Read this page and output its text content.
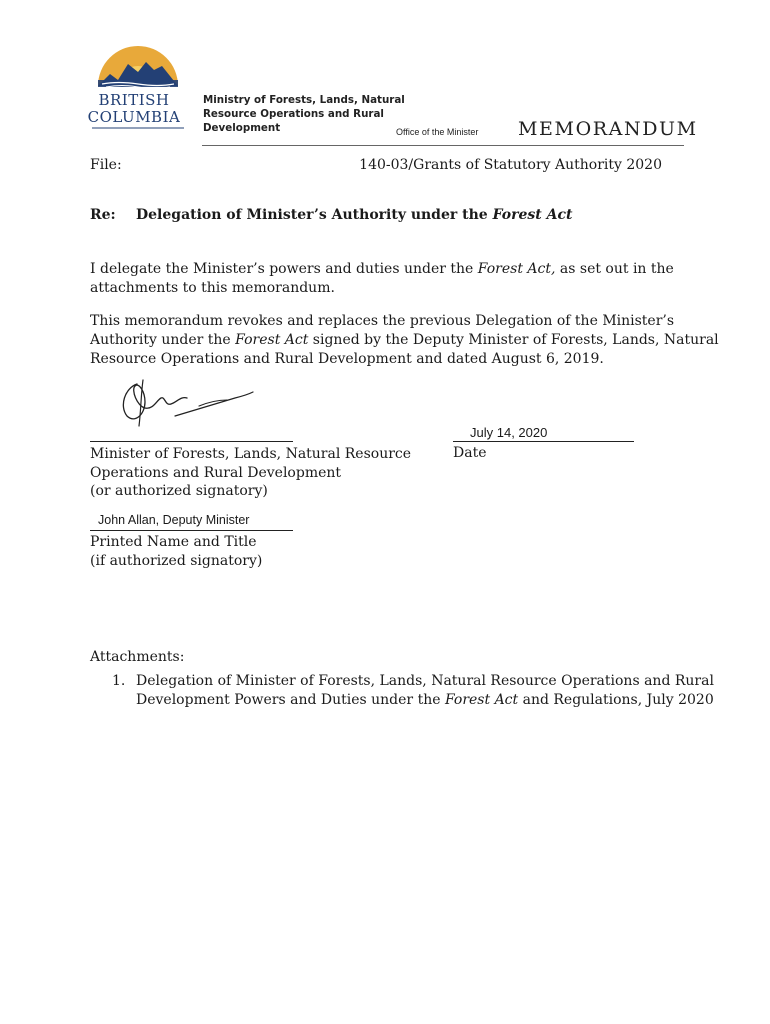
BRITISH
COLUMBIA
Ministry of Forests, Lands, Natural
Resource Operations and Rural
Development	Office of the Minister MEMORANDUM
File:	140-03/Grants of Statutory Authority 2020
Re: Delegation of Minister’s Authority under the Forest Act
I delegate the Minister’s powers and duties under the Forest Act, as set out in the
attachments to this memorandum.
This memorandum revokes and replaces the previous Delegation of the Minister’s
Authority under the Forest Act signed by the Deputy Minister of Forests, Lands, Natural
Resource Operations and Rural Development and dated August 6, 2019.
July 14, 2020
Minister of Forests, Lands, Natural Resource
Operations and Rural Development
(or authorized signatory)
Date
John Allan, Deputy Minister
Printed Name and Title
(if authorized signatory)
Attachments:
1. Delegation of Minister of Forests, Lands, Natural Resource Operations and Rural
Development Powers and Duties under the Forest Act and Regulations, July 2020
